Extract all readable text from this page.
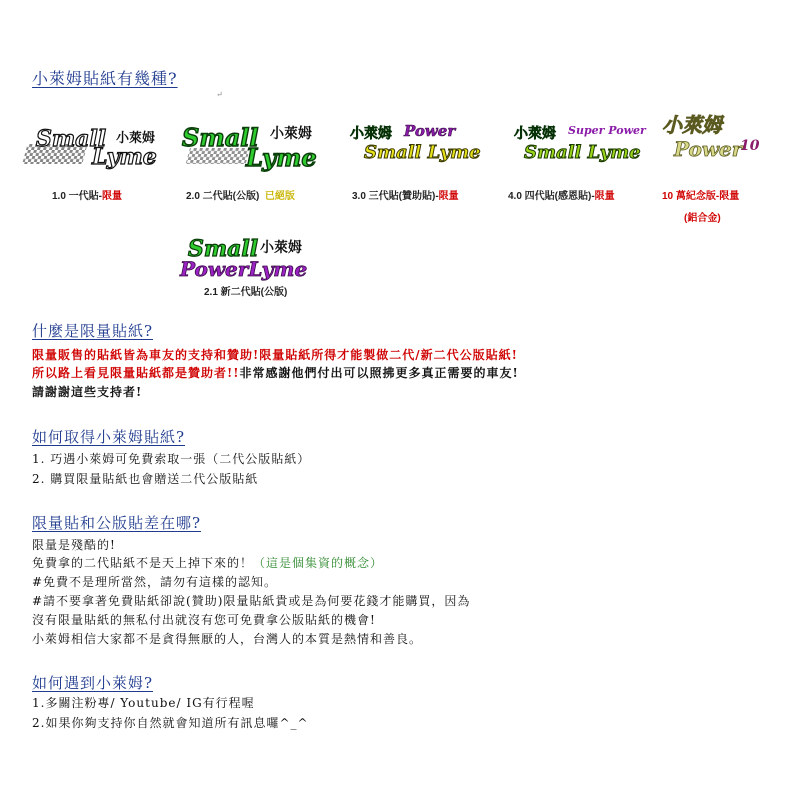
小萊姆貼紙有幾種?
↵
Small
Lyme
小萊姆
1.0 一代貼-限量
Small
Lyme
小萊姆
2.0 二代貼(公版) 已絕版
小萊姆 Power
Small Lyme
3.0 三代貼(贊助貼)-限量
小萊姆 Super Power
Small Lyme
4.0 四代貼(感恩貼)-限量
小萊姆
Power
10
10 萬紀念版-限量
(鋁合金)
Small 小萊姆
PowerLyme
2.1 新二代貼(公版)
什麼是限量貼紙?
限量販售的貼紙皆為車友的支持和贊助!限量貼紙所得才能製做二代/新二代公版貼紙!
所以路上看見限量貼紙都是贊助者!!非常感謝他們付出可以照拂更多真正需要的車友!
請謝謝這些支持者!
如何取得小萊姆貼紙?
1. 巧遇小萊姆可免費索取一張（二代公版貼紙）
2. 購買限量貼紙也會贈送二代公版貼紙
限量貼和公版貼差在哪?
限量是殘酷的!
免費拿的二代貼紙不是天上掉下來的！（這是個集資的概念）
#免費不是理所當然，請勿有這樣的認知。
#請不要拿著免費貼紙卻說(贊助)限量貼紙貴或是為何要花錢才能購買，因為
沒有限量貼紙的無私付出就沒有您可免費拿公版貼紙的機會!
小萊姆相信大家都不是貪得無厭的人，台灣人的本質是熱情和善良。
如何遇到小萊姆?
1.多關注粉專/ Youtube/ IG有行程喔
2.如果你夠支持你自然就會知道所有訊息囉^_^
